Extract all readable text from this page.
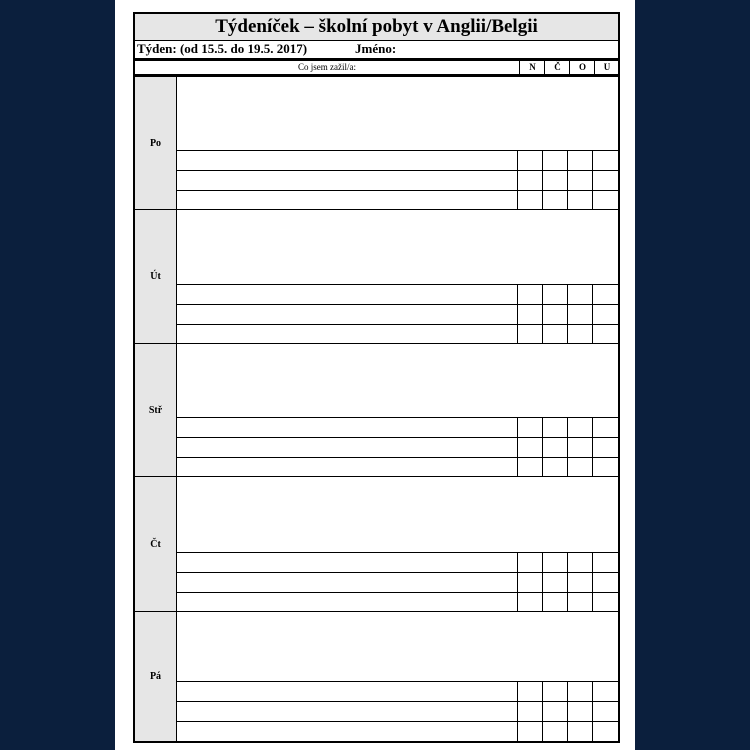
Týdeníček – školní pobyt v Anglii/Belgii
Týden: (od 15.5. do 19.5. 2017)	Jméno:
Co jsem zažil/a:	N	Č	O	U
Po
Út
Stř
Čt
Pá
